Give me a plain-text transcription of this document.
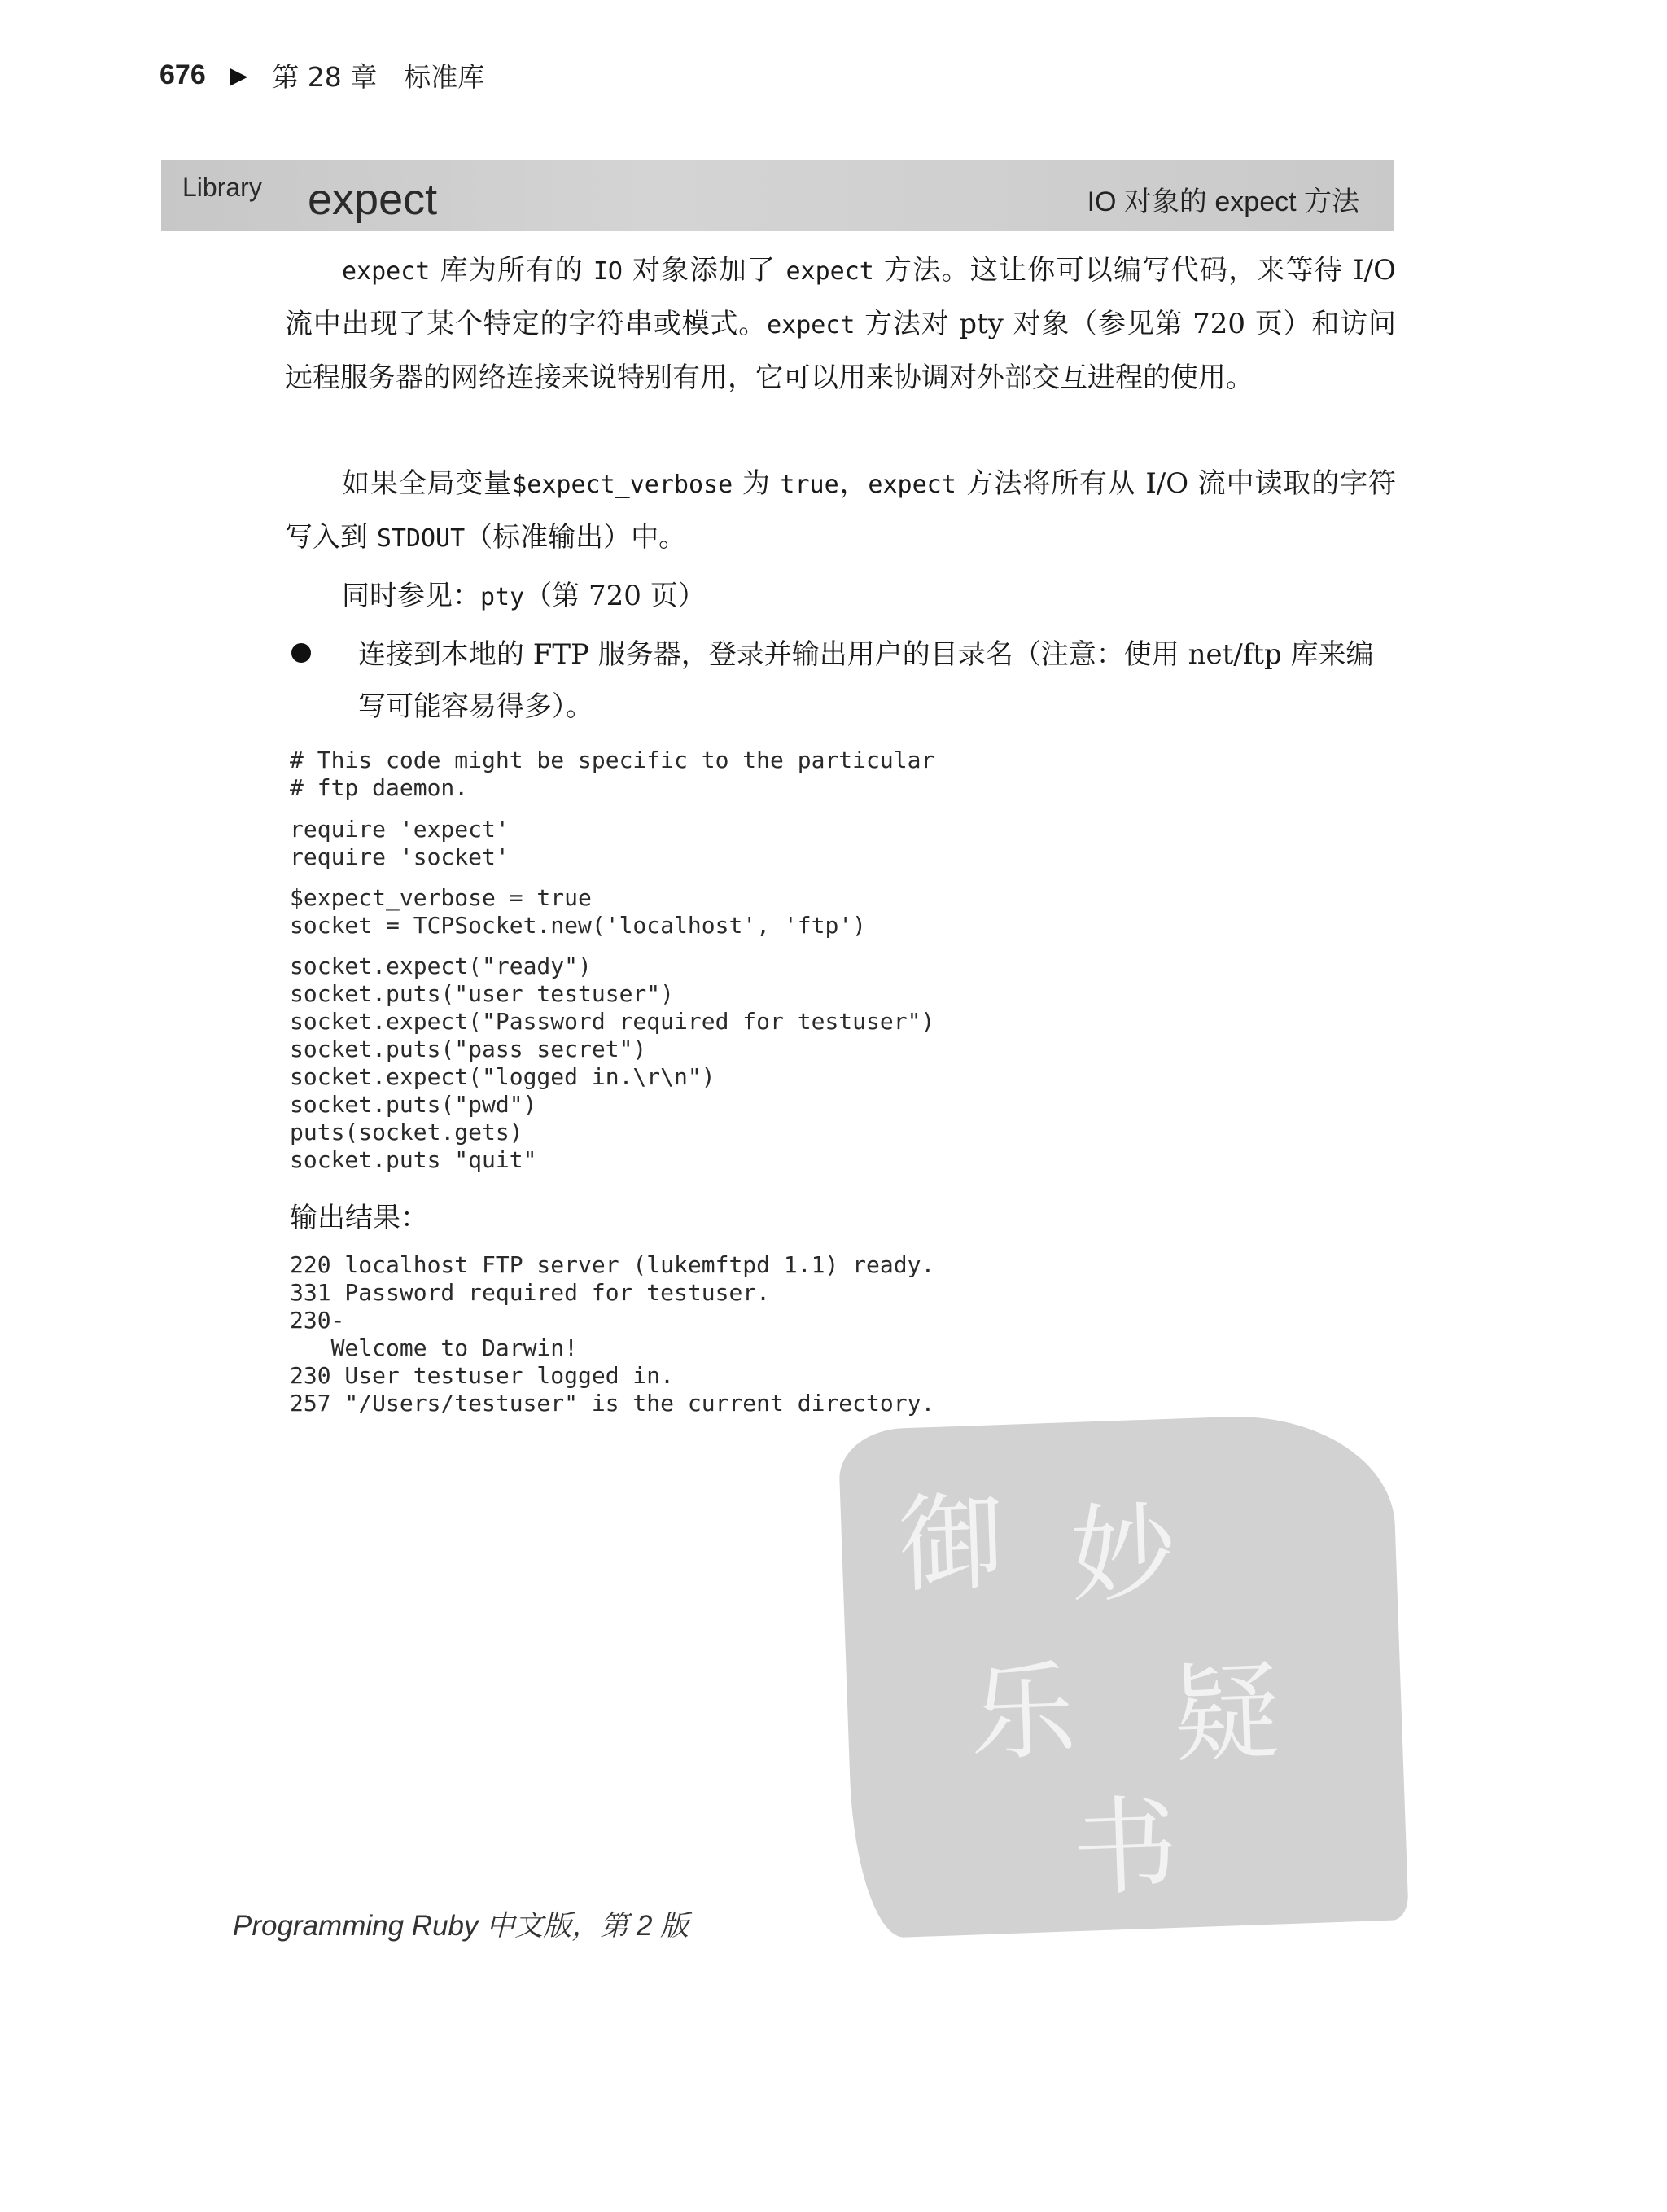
676 ▶ 第 28 章　标准库
Library expect	IO 对象的 expect 方法
expect 库为所有的 IO 对象添加了 expect 方法。这让你可以编写代码，来等待 I/O 流中出现了某个特定的字符串或模式。expect 方法对 pty 对象（参见第 720 页）和访问远程服务器的网络连接来说特别有用，它可以用来协调对外部交互进程的使用。
如果全局变量$expect_verbose 为 true，expect 方法将所有从 I/O 流中读取的字符写入到 STDOUT（标准输出）中。
同时参见：pty（第 720 页）
连接到本地的 FTP 服务器，登录并输出用户的目录名（注意：使用 net/ftp 库来编写可能容易得多）。
# This code might be specific to the particular
# ftp daemon.
require 'expect'
require 'socket'
$expect_verbose = true
socket = TCPSocket.new('localhost', 'ftp')
socket.expect("ready")
socket.puts("user testuser")
socket.expect("Password required for testuser")
socket.puts("pass secret")
socket.expect("logged in.\r\n")
socket.puts("pwd")
puts(socket.gets)
socket.puts "quit"
输出结果：
220 localhost FTP server (lukemftpd 1.1) ready.
331 Password required for testuser.
230-
Welcome to Darwin!
230 User testuser logged in.
257 "/Users/testuser" is the current directory.
御 妙
乐 疑
书
Programming Ruby 中文版，第 2 版
